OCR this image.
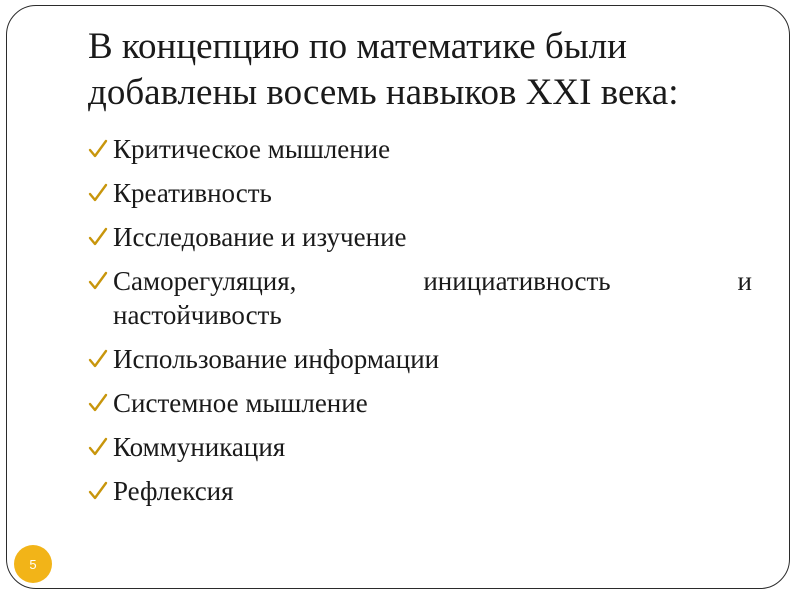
В концепцию по математике были добавлены восемь навыков XXI века:
Критическое мышление
Креативность
Исследование и изучение
Саморегуляция,	инициативность	и
настойчивость
Использование информации
Системное мышление
Коммуникация
Рефлексия
5
